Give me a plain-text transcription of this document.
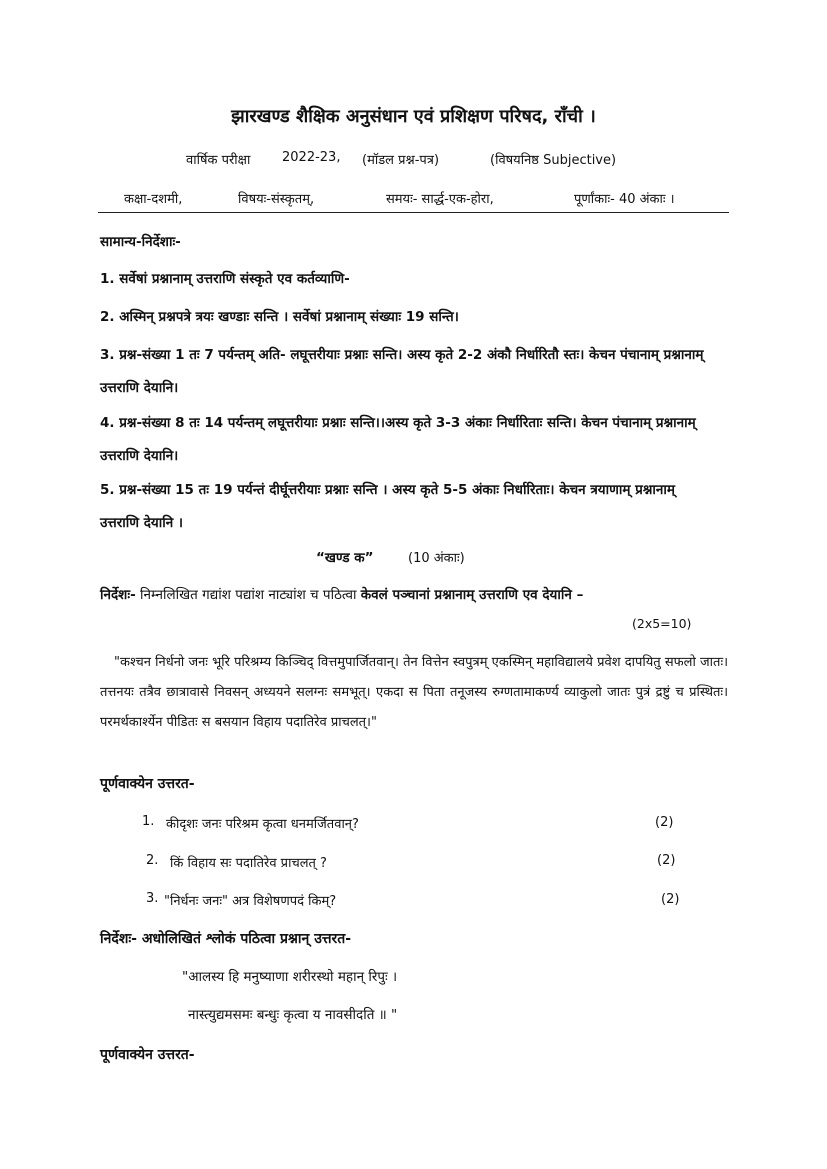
झारखण्ड शैक्षिक अनुसंधान एवं प्रशिक्षण परिषद, राँची ।
वार्षिक परीक्षा 2022-23, (मॉडल प्रश्न-पत्र)	(विषयनिष्ठ Subjective)
कक्षा-दशमी,	विषयः-संस्कृतम्,	समयः- सार्द्ध-एक-होरा,	पूर्णांकाः- 40 अंकाः ।
सामान्य-निर्देशाः-
1. सर्वेषां प्रश्नानाम् उत्तराणि संस्कृते एव कर्तव्याणि-
2. अस्मिन् प्रश्नपत्रे त्रयः खण्डाः सन्ति । सर्वेषां प्रश्नानाम् संख्याः 19 सन्ति।
3. प्रश्न-संख्या 1 तः 7 पर्यन्तम् अति- लघूत्तरीयाः प्रश्नाः सन्ति। अस्य कृते 2-2 अंकौ निर्धारितौ स्तः। केचन पंचानाम् प्रश्नानाम् उत्तराणि देयानि।
4. प्रश्न-संख्या 8 तः 14 पर्यन्तम् लघूत्तरीयाः प्रश्नाः सन्ति।।अस्य कृते 3-3 अंकाः निर्धारिताः सन्ति। केचन पंचानाम् प्रश्नानाम् उत्तराणि देयानि।
5. प्रश्न-संख्या 15 तः 19 पर्यन्तं दीर्घूत्तरीयाः प्रश्नाः सन्ति । अस्य कृते 5-5 अंकाः निर्धारिताः। केचन त्रयाणाम् प्रश्नानाम् उत्तराणि देयानि ।
“खण्ड क”	(10 अंकाः)
निर्देशः- निम्नलिखित गद्यांश पद्यांश नाट्यांश च पठित्वा केवलं पञ्चानां प्रश्नानाम् उत्तराणि एव देयानि –
(2x5=10)
"कश्चन निर्धनो जनः भूरि परिश्रम्य किञ्चिद् वित्तमुपार्जितवान्। तेन वित्तेन स्वपुत्रम् एकस्मिन् महाविद्यालये प्रवेश दापयितु सफलो जातः। तत्तनयः तत्रैव छात्रावासे निवसन् अध्ययने सलग्नः समभूत्। एकदा स पिता तनूजस्य रुग्णतामाकर्ण्य व्याकुलो जातः पुत्रं द्रष्टुं च प्रस्थितः। परमर्थकार्श्येन पीडितः स बसयान विहाय पदातिरेव प्राचलत्।"
पूर्णवाक्येन उत्तरत-
1. कीदृशः जनः परिश्रम कृत्वा धनमर्जितवान्?	(2)
2. किं विहाय सः पदातिरेव प्राचलत् ?	(2)
3. "निर्धनः जनः" अत्र विशेषणपदं किम्?	(2)
निर्देशः- अधोलिखितं श्लोकं पठित्वा प्रश्नान् उत्तरत-
"आलस्य हि मनुष्याणा शरीरस्थो महान् रिपुः ।
नास्त्युद्यमसमः बन्धुः कृत्वा य नावसीदति ॥ "
पूर्णवाक्येन उत्तरत-
